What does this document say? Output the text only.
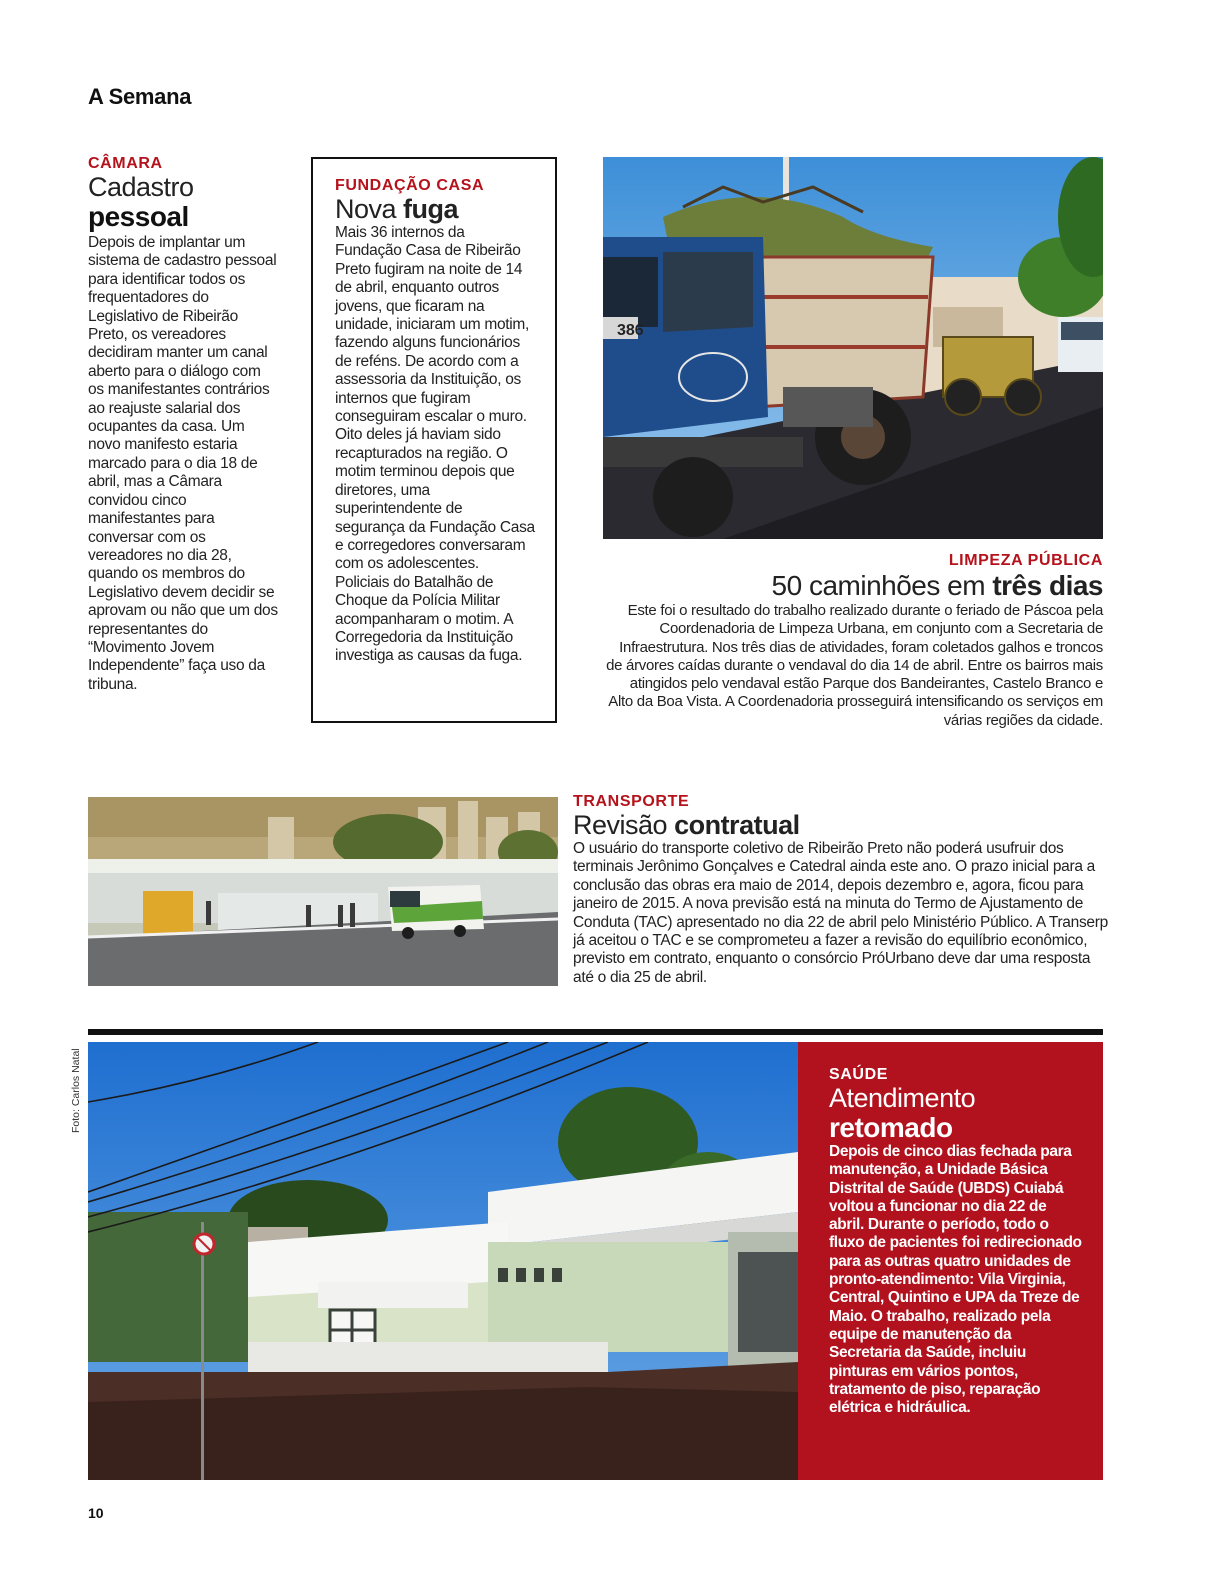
A Semana
CÂMARA
Cadastro
pessoal
Depois de implantar um sistema de cadastro pessoal para identificar todos os frequentadores do Legislativo de Ribeirão Preto, os vereadores decidiram manter um canal aberto para o diálogo com os manifestantes contrários ao reajuste salarial dos ocupantes da casa. Um novo manifesto estaria marcado para o dia 18 de abril, mas a Câmara convidou cinco manifestantes para conversar com os vereadores no dia 28, quando os membros do Legislativo devem decidir se aprovam ou não que um dos representantes do “Movimento Jovem Independente” faça uso da tribuna.
FUNDAÇÃO CASA
Nova fuga
Mais 36 internos da Fundação Casa de Ribeirão Preto fugiram na noite de 14 de abril, enquanto outros jovens, que ficaram na unidade, iniciaram um motim, fazendo alguns funcionários de reféns. De acordo com a assessoria da Instituição, os internos que fugiram conseguiram escalar o muro. Oito deles já haviam sido recapturados na região. O motim terminou depois que diretores, uma superintendente de segurança da Fundação Casa e corregedores conversaram com os adolescentes. Policiais do Batalhão de Choque da Polícia Militar acompanharam o motim. A Corregedoria da Instituição investiga as causas da fuga.
386
LIMPEZA PÚBLICA
50 caminhões em três dias
Este foi o resultado do trabalho realizado durante o feriado de Páscoa pela Coordenadoria de Limpeza Urbana, em conjunto com a Secretaria de Infraestrutura. Nos três dias de atividades, foram coletados galhos e troncos de árvores caídas durante o vendaval do dia 14 de abril. Entre os bairros mais atingidos pelo vendaval estão Parque dos Bandeirantes, Castelo Branco e Alto da Boa Vista. A Coordenadoria prosseguirá intensificando os serviços em várias regiões da cidade.
TRANSPORTE
Revisão contratual
O usuário do transporte coletivo de Ribeirão Preto não poderá usufruir dos terminais Jerônimo Gonçalves e Catedral ainda este ano. O prazo inicial para a conclusão das obras era maio de 2014, depois dezembro e, agora, ficou para janeiro de 2015. A nova previsão está na minuta do Termo de Ajustamento de Conduta (TAC) apresentado no dia 22 de abril pelo Ministério Público. A Transerp já aceitou o TAC e se comprometeu a fazer a revisão do equilíbrio econômico, previsto em contrato, enquanto o consórcio PróUrbano deve dar uma resposta até o dia 25 de abril.
Foto: Carlos Natal	SAÚDE
Atendimento
retomado
Depois de cinco dias fechada para manutenção, a Unidade Básica Distrital de Saúde (UBDS) Cuiabá voltou a funcionar no dia 22 de abril. Durante o período, todo o fluxo de pacientes foi redirecionado para as outras quatro unidades de pronto-atendimento: Vila Virginia, Central, Quintino e UPA da Treze de Maio. O trabalho, realizado pela equipe de manutenção da Secretaria da Saúde, incluiu pinturas em vários pontos, tratamento de piso, reparação elétrica e hidráulica.
10
